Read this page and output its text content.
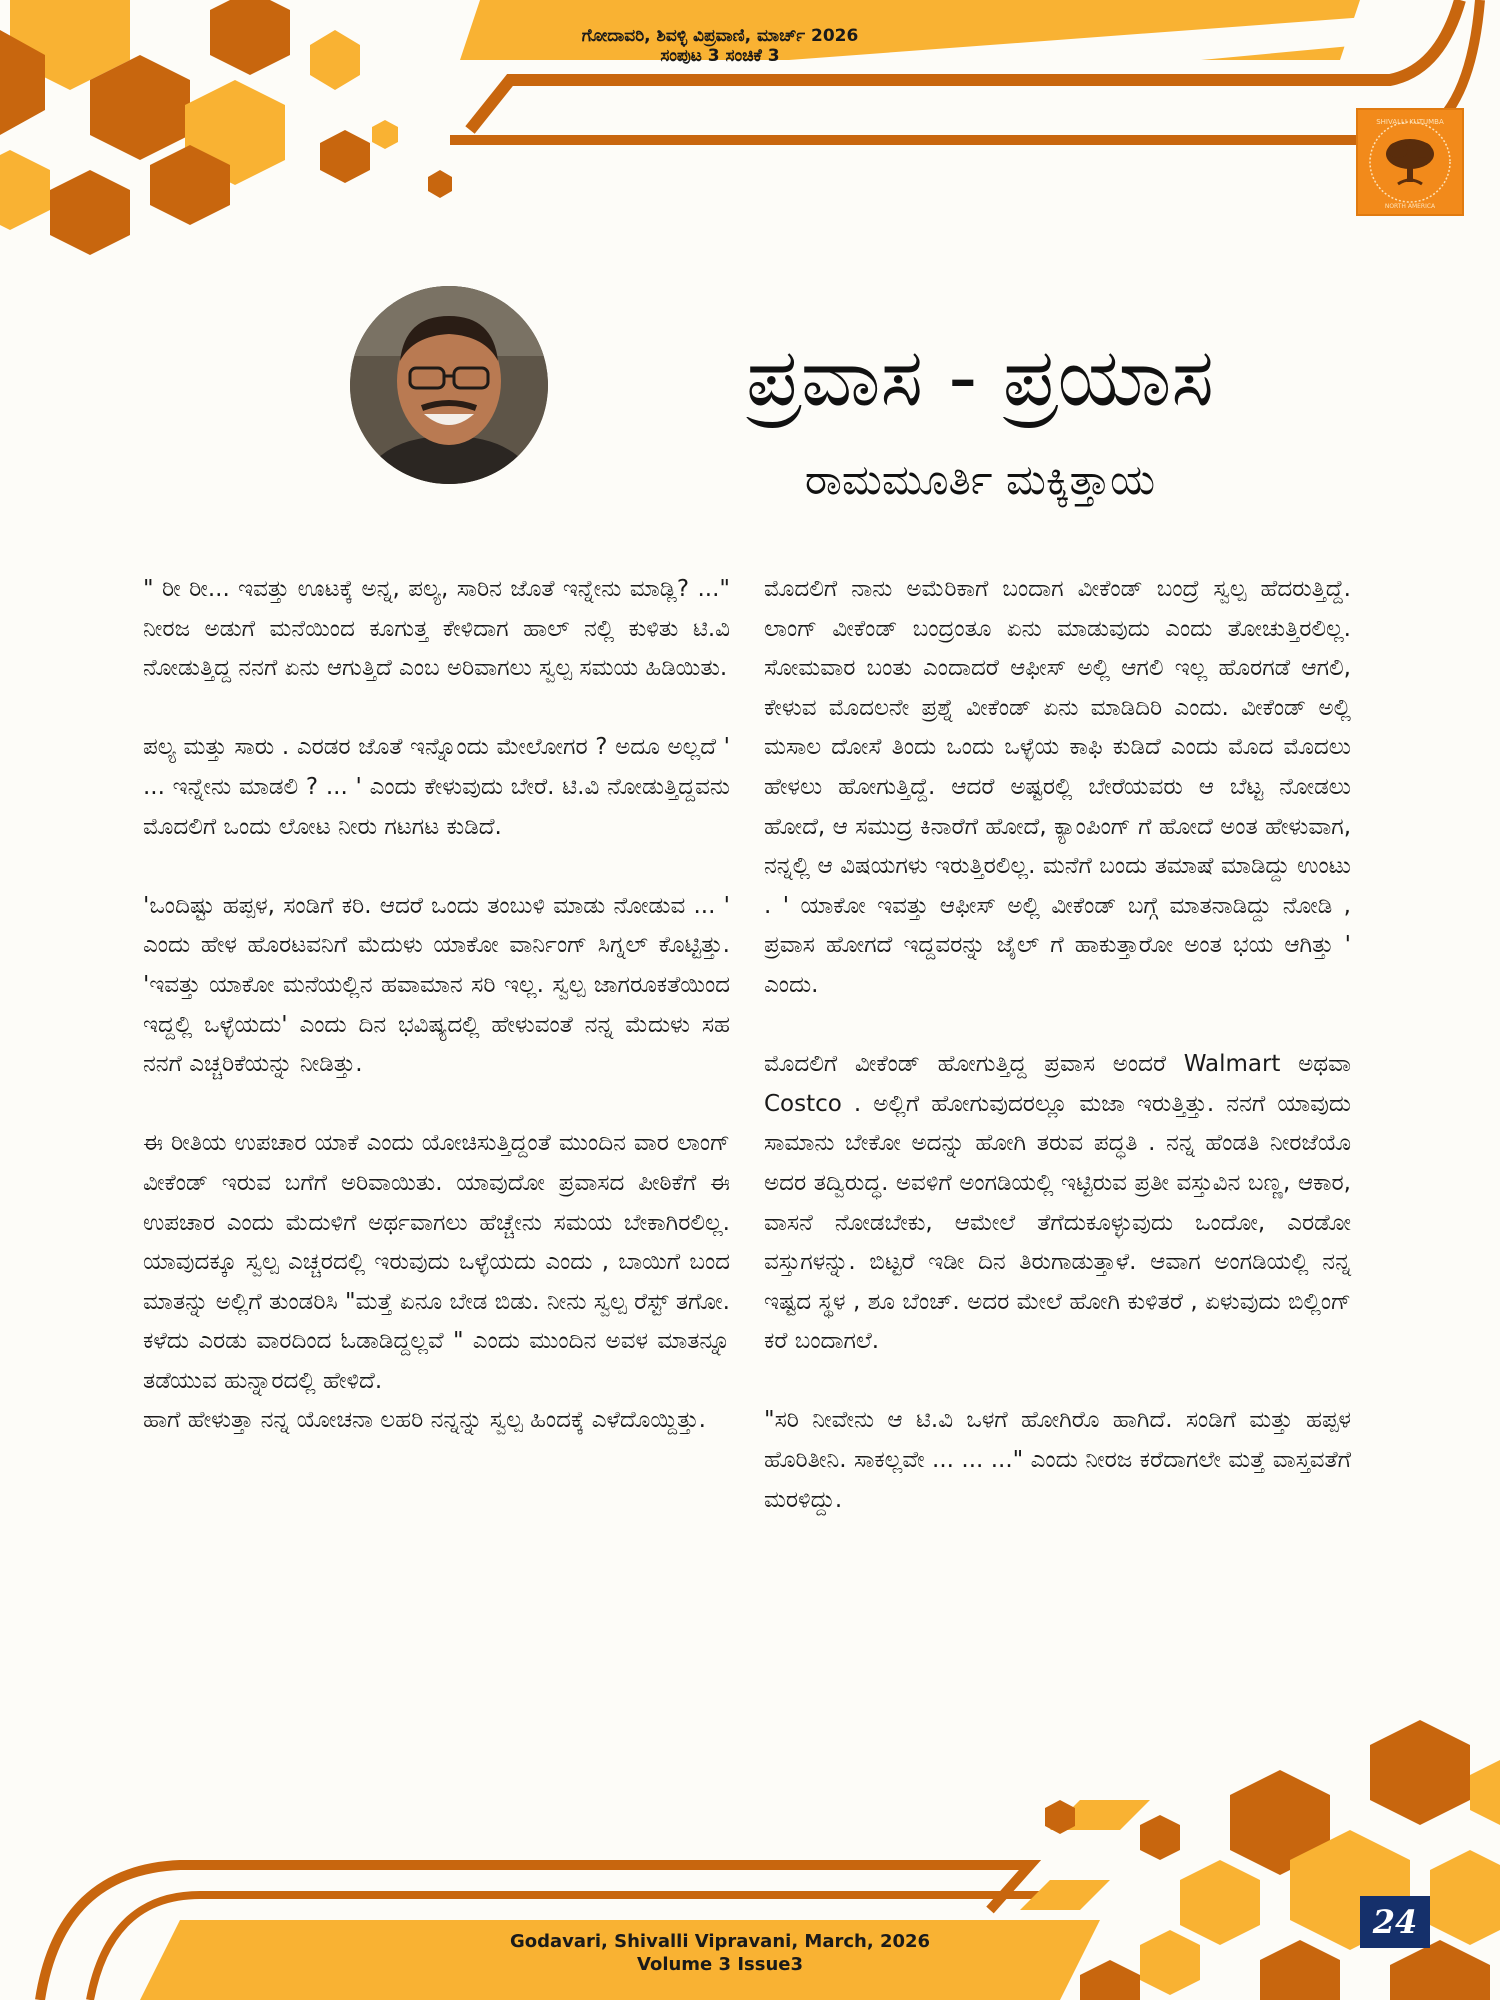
ಗೋದಾವರಿ, ಶಿವಳ್ಳಿ ವಿಪ್ರವಾಣಿ, ಮಾರ್ಚ್ 2026
ಸಂಪುಟ 3 ಸಂಚಿಕೆ 3
SHIVALLI KUTUMBA
NORTH AMERICA
ಪ್ರವಾಸ - ಪ್ರಯಾಸ
ರಾಮಮೂರ್ತಿ ಮಕ್ಕಿತ್ತಾಯ

" ರೀ ರೀ... ಇವತ್ತು ಊಟಕ್ಕೆ ಅನ್ನ, ಪಲ್ಯ, ಸಾರಿನ ಜೊತೆ ಇನ್ನೇನು ಮಾಡ್ಲಿ? ..." ನೀರಜ ಅಡುಗೆ ಮನೆಯಿಂದ ಕೂಗುತ್ತ ಕೇಳಿದಾಗ ಹಾಲ್ ನಲ್ಲಿ ಕುಳಿತು ಟಿ.ವಿ ನೋಡುತ್ತಿದ್ದ ನನಗೆ ಏನು ಆಗುತ್ತಿದೆ ಎಂಬ ಅರಿವಾಗಲು ಸ್ವಲ್ಪ ಸಮಯ ಹಿಡಿಯಿತು.

ಪಲ್ಯ ಮತ್ತು ಸಾರು . ಎರಡರ ಜೊತೆ ಇನ್ನೊಂದು ಮೇಲೋಗರ ? ಅದೂ ಅಲ್ಲದೆ ' ... ಇನ್ನೇನು ಮಾಡಲಿ ? ... ' ಎಂದು ಕೇಳುವುದು ಬೇರೆ. ಟಿ.ವಿ ನೋಡುತ್ತಿದ್ದವನು ಮೊದಲಿಗೆ ಒಂದು ಲೋಟ ನೀರು ಗಟಗಟ ಕುಡಿದೆ.

'ಒಂದಿಷ್ಟು ಹಪ್ಪಳ, ಸಂಡಿಗೆ ಕರಿ. ಆದರೆ ಒಂದು ತಂಬುಳಿ ಮಾಡು ನೋಡುವ ... ' ಎಂದು ಹೇಳ ಹೊರಟವನಿಗೆ ಮೆದುಳು ಯಾಕೋ ವಾರ್ನಿಂಗ್ ಸಿಗ್ನಲ್ ಕೊಟ್ಟಿತ್ತು. 'ಇವತ್ತು ಯಾಕೋ ಮನೆಯಲ್ಲಿನ ಹವಾಮಾನ ಸರಿ ಇಲ್ಲ. ಸ್ವಲ್ಪ ಜಾಗರೂಕತೆಯಿಂದ ಇದ್ದಲ್ಲಿ ಒಳ್ಳೆಯದು' ಎಂದು ದಿನ ಭವಿಷ್ಯದಲ್ಲಿ ಹೇಳುವಂತೆ ನನ್ನ ಮೆದುಳು ಸಹ ನನಗೆ ಎಚ್ಚರಿಕೆಯನ್ನು ನೀಡಿತ್ತು.

ಈ ರೀತಿಯ ಉಪಚಾರ ಯಾಕೆ ಎಂದು ಯೋಚಿಸುತ್ತಿದ್ದಂತೆ ಮುಂದಿನ ವಾರ ಲಾಂಗ್ ವೀಕೆಂಡ್ ಇರುವ ಬಗೆಗೆ ಅರಿವಾಯಿತು. ಯಾವುದೋ ಪ್ರವಾಸದ ಪೀಠಿಕೆಗೆ ಈ ಉಪಚಾರ ಎಂದು ಮೆದುಳಿಗೆ ಅರ್ಥವಾಗಲು ಹೆಚ್ಚೇನು ಸಮಯ ಬೇಕಾಗಿರಲಿಲ್ಲ. ಯಾವುದಕ್ಕೂ ಸ್ವಲ್ಪ ಎಚ್ಚರದಲ್ಲಿ ಇರುವುದು ಒಳ್ಳೆಯದು ಎಂದು , ಬಾಯಿಗೆ ಬಂದ ಮಾತನ್ನು ಅಲ್ಲಿಗೆ ತುಂಡರಿಸಿ "ಮತ್ತೆ ಏನೂ ಬೇಡ ಬಿಡು. ನೀನು ಸ್ವಲ್ಪ ರೆಸ್ಟ್ ತಗೋ. ಕಳೆದು ಎರಡು ವಾರದಿಂದ ಓಡಾಡಿದ್ದಲ್ಲವೆ " ಎಂದು ಮುಂದಿನ ಅವಳ ಮಾತನ್ನೂ ತಡೆಯುವ ಹುನ್ನಾರದಲ್ಲಿ ಹೇಳಿದೆ.

ಹಾಗೆ ಹೇಳುತ್ತಾ ನನ್ನ ಯೋಚನಾ ಲಹರಿ ನನ್ನನ್ನು ಸ್ವಲ್ಪ ಹಿಂದಕ್ಕೆ ಎಳೆದೊಯ್ದಿತ್ತು.

ಮೊದಲಿಗೆ ನಾನು ಅಮೆರಿಕಾಗೆ ಬಂದಾಗ ವೀಕೆಂಡ್ ಬಂದ್ರೆ ಸ್ವಲ್ಪ ಹೆದರುತ್ತಿದ್ದೆ. ಲಾಂಗ್ ವೀಕೆಂಡ್ ಬಂದ್ರಂತೂ ಏನು ಮಾಡುವುದು ಎಂದು ತೋಚುತ್ತಿರಲಿಲ್ಲ. ಸೋಮವಾರ ಬಂತು ಎಂದಾದರೆ ಆಫೀಸ್ ಅಲ್ಲಿ ಆಗಲಿ ಇಲ್ಲ ಹೊರಗಡೆ ಆಗಲಿ, ಕೇಳುವ ಮೊದಲನೇ ಪ್ರಶ್ನೆ ವೀಕೆಂಡ್ ಏನು ಮಾಡಿದಿರಿ ಎಂದು. ವೀಕೆಂಡ್ ಅಲ್ಲಿ ಮಸಾಲ ದೋಸೆ ತಿಂದು ಒಂದು ಒಳ್ಳೆಯ ಕಾಫಿ ಕುಡಿದೆ ಎಂದು ಮೊದ ಮೊದಲು ಹೇಳಲು ಹೋಗುತ್ತಿದ್ದೆ. ಆದರೆ ಅಷ್ಟರಲ್ಲಿ ಬೇರೆಯವರು ಆ ಬೆಟ್ಟ ನೋಡಲು ಹೋದೆ, ಆ ಸಮುದ್ರ ಕಿನಾರೆಗೆ ಹೋದೆ, ಕ್ಯಾಂಪಿಂಗ್ ಗೆ ಹೋದೆ ಅಂತ ಹೇಳುವಾಗ, ನನ್ನಲ್ಲಿ ಆ ವಿಷಯಗಳು ಇರುತ್ತಿರಲಿಲ್ಲ. ಮನೆಗೆ ಬಂದು ತಮಾಷೆ ಮಾಡಿದ್ದು ಉಂಟು . ' ಯಾಕೋ ಇವತ್ತು ಆಫೀಸ್ ಅಲ್ಲಿ ವೀಕೆಂಡ್ ಬಗ್ಗೆ ಮಾತನಾಡಿದ್ದು ನೋಡಿ , ಪ್ರವಾಸ ಹೋಗದೆ ಇದ್ದವರನ್ನು ಜೈಲ್ ಗೆ ಹಾಕುತ್ತಾರೋ ಅಂತ ಭಯ ಆಗಿತ್ತು ' ಎಂದು.

ಮೊದಲಿಗೆ ವೀಕೆಂಡ್ ಹೋಗುತ್ತಿದ್ದ ಪ್ರವಾಸ ಅಂದರೆ Walmart ಅಥವಾ Costco . ಅಲ್ಲಿಗೆ ಹೋಗುವುದರಲ್ಲೂ ಮಜಾ ಇರುತ್ತಿತ್ತು. ನನಗೆ ಯಾವುದು ಸಾಮಾನು ಬೇಕೋ ಅದನ್ನು ಹೋಗಿ ತರುವ ಪದ್ಧತಿ . ನನ್ನ ಹೆಂಡತಿ ನೀರಜೆಯೊ ಅದರ ತದ್ವಿರುದ್ಧ. ಅವಳಿಗೆ ಅಂಗಡಿಯಲ್ಲಿ ಇಟ್ಟಿರುವ ಪ್ರತೀ ವಸ್ತುವಿನ ಬಣ್ಣ, ಆಕಾರ, ವಾಸನೆ ನೋಡಬೇಕು, ಆಮೇಲೆ ತೆಗೆದುಕೂಳ್ಳುವುದು ಒಂದೋ, ಎರಡೋ ವಸ್ತುಗಳನ್ನು. ಬಿಟ್ಟರೆ ಇಡೀ ದಿನ ತಿರುಗಾಡುತ್ತಾಳೆ. ಆವಾಗ ಅಂಗಡಿಯಲ್ಲಿ ನನ್ನ ಇಷ್ಟದ ಸ್ಥಳ , ಶೂ ಬೆಂಚ್. ಅದರ ಮೇಲೆ ಹೋಗಿ ಕುಳಿತರೆ , ಏಳುವುದು ಬಿಲ್ಲಿಂಗ್ ಕರೆ ಬಂದಾಗಲೆ.

"ಸರಿ ನೀವೇನು ಆ ಟಿ.ವಿ ಒಳಗೆ ಹೋಗಿರೊ ಹಾಗಿದೆ. ಸಂಡಿಗೆ ಮತ್ತು ಹಪ್ಪಳ ಹೊರಿತೀನಿ. ಸಾಕಲ್ಲವೇ ... ... ..." ಎಂದು ನೀರಜ ಕರೆದಾಗಲೇ ಮತ್ತೆ ವಾಸ್ತವತೆಗೆ ಮರಳಿದ್ದು.

Godavari, Shivalli Vipravani, March, 2026
Volume 3 Issue3
24
